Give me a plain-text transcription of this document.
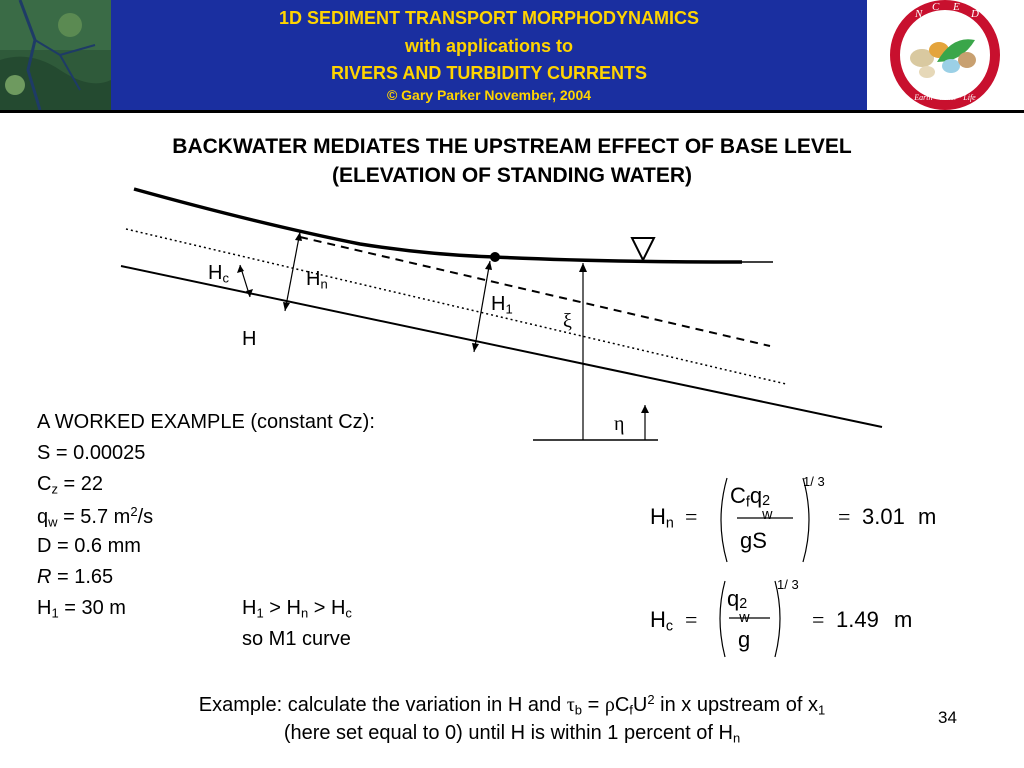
1D SEDIMENT TRANSPORT MORPHODYNAMICS
with applications to
RIVERS AND TURBIDITY CURRENTS
© Gary Parker November, 2004
N
C E
D
Earth · Water · Life
BACKWATER MEDIATES THE UPSTREAM EFFECT OF BASE LEVEL
(ELEVATION OF STANDING WATER)
$H_c$	$H_n$
$H_1$
H
ξ
η
A WORKED EXAMPLE (constant Cz):
S = 0.00025
$C_z = 22$
$q_w = 5.7$ $m^2/s$
D = 0.6 mm
R = 1.65
$H_1 = 30$ m	$H_1 > H_n > H_c$
so M1 curve
$H_n$ =
$C_fq$ 2
w
gS
1/ 3
= 3.01 m
$H_c$ =
q 2
w
g
1/ 3
= 1.49 m
Example: calculate the variation in H and $\tau_b = \rho C_fU^2$ in x upstream of $x_1$
(here set equal to 0) until H is within 1 percent of $H_n$
34
